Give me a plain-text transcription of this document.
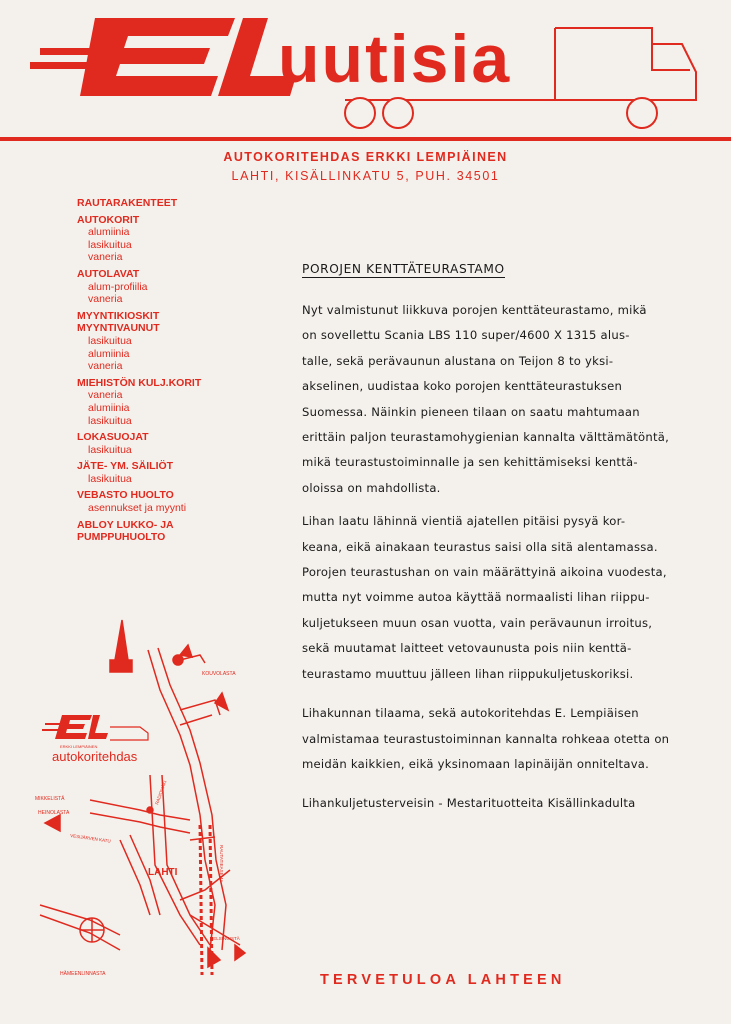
uutisia
AUTOKORITEHDAS ERKKI LEMPIÄINEN
LAHTI, KISÄLLINKATU 5, PUH. 34501
RAUTARAKENTEET
AUTOKORIT
alumiinia
lasikuitua
vaneria
AUTOLAVAT
alum-profiilia
vaneria
MYYNTIKIOSKIT
MYYNTIVAUNUT
lasikuitua
alumiinia
vaneria
MIEHISTÖN KULJ.KORIT
vaneria
alumiinia
lasikuitua
LOKASUOJAT
lasikuitua
JÄTE- YM. SÄILIÖT
lasikuitua
VEBASTO HUOLTO
asennukset ja myynti
ABLOY LUKKO- JA
PUMPPUHUOLTO
POROJEN KENTTÄTEURASTAMO

Nyt valmistunut liikkuva porojen kenttäteurastamo, mikä

on sovellettu Scania LBS 110 super/4600 X 1315 alus-

talle, sekä perävaunun alustana on Teijon 8 to yksi-

akselinen, uudistaa koko porojen kenttäteurastuksen

Suomessa. Näinkin pieneen tilaan on saatu mahtumaan

erittäin paljon teurastamohygienian kannalta välttämätöntä,

mikä teurastustoiminnalle ja sen kehittämiseksi kenttä-

oloissa on mahdollista.

Lihan laatu lähinnä vientiä ajatellen pitäisi pysyä kor-

keana, eikä ainakaan teurastus saisi olla sitä alentamassa.

Porojen teurastushan on vain määrättyinä aikoina vuodesta,

mutta nyt voimme autoa käyttää normaalisti lihan riippu-

kuljetukseen muun osan vuotta, vain perävaunun irroitus,

sekä muutamat laitteet vetovaunusta pois niin kenttä-

teurastamo muuttuu jälleen lihan riippukuljetuskoriksi.

Lihakunnan tilaama, sekä autokoritehdas E. Lempiäisen

valmistamaa teurastustoiminnan kannalta rohkeaa otetta on

meidän kaikkien, eikä yksinomaan lapinäijän onniteltava.

Lihankuljetusterveisin - Mestarituotteita Kisällinkadulta

ERKKI LEMPIÄINEN
autokoritehdas
KOUVOLASTA
MIKKELISTÄ
HEINOLASTA
VESIJÄRVEN KATU
LAHTI	RAUTATIEASEMA
RADIOMÄKI
HELSINGISTÄ
HÄMEENLINNASTA	TERVETULOA LAHTEEN
